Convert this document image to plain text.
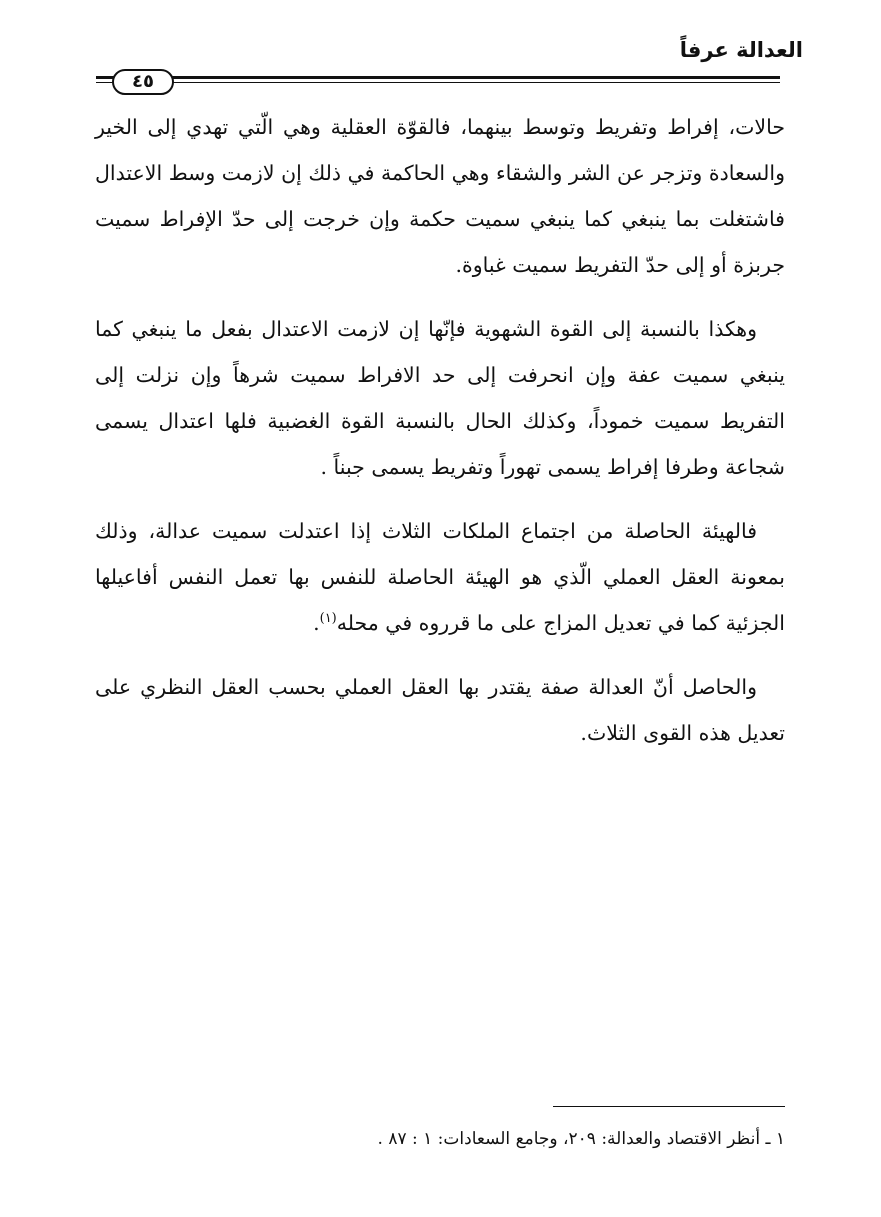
العدالة عرفاً
٤٥

حالات، إفراط وتفريط وتوسط بينهما، فالقوّة العقلية وهي الّتي تهدي إلى الخير والسعادة وتزجر عن الشر والشقاء وهي الحاكمة في ذلك إن لازمت وسط الاعتدال فاشتغلت بما ينبغي كما ينبغي سميت حكمة وإن خرجت إلى حدّ الإفراط سميت جربزة أو إلى حدّ التفريط سميت غباوة.

وهكذا بالنسبة إلى القوة الشهوية فإنّها إن لازمت الاعتدال بفعل ما ينبغي كما ينبغي سميت عفة وإن انحرفت إلى حد الافراط سميت شرهاً وإن نزلت إلى التفريط سميت خموداً، وكذلك الحال بالنسبة القوة الغضبية فلها اعتدال يسمى شجاعة وطرفا إفراط يسمى تهوراً وتفريط يسمى جبناً .

فالهيئة الحاصلة من اجتماع الملكات الثلاث إذا اعتدلت سميت عدالة، وذلك بمعونة العقل العملي الّذي هو الهيئة الحاصلة للنفس بها تعمل النفس أفاعيلها الجزئية كما في تعديل المزاج على ما قرروه في محله$^{(١)}$.

والحاصل أنّ العدالة صفة يقتدر بها العقل العملي بحسب العقل النظري على تعديل هذه القوى الثلاث.

١ ـ أنظر الاقتصاد والعدالة: ٢٠٩، وجامع السعادات: ١ : ٨٧ .
